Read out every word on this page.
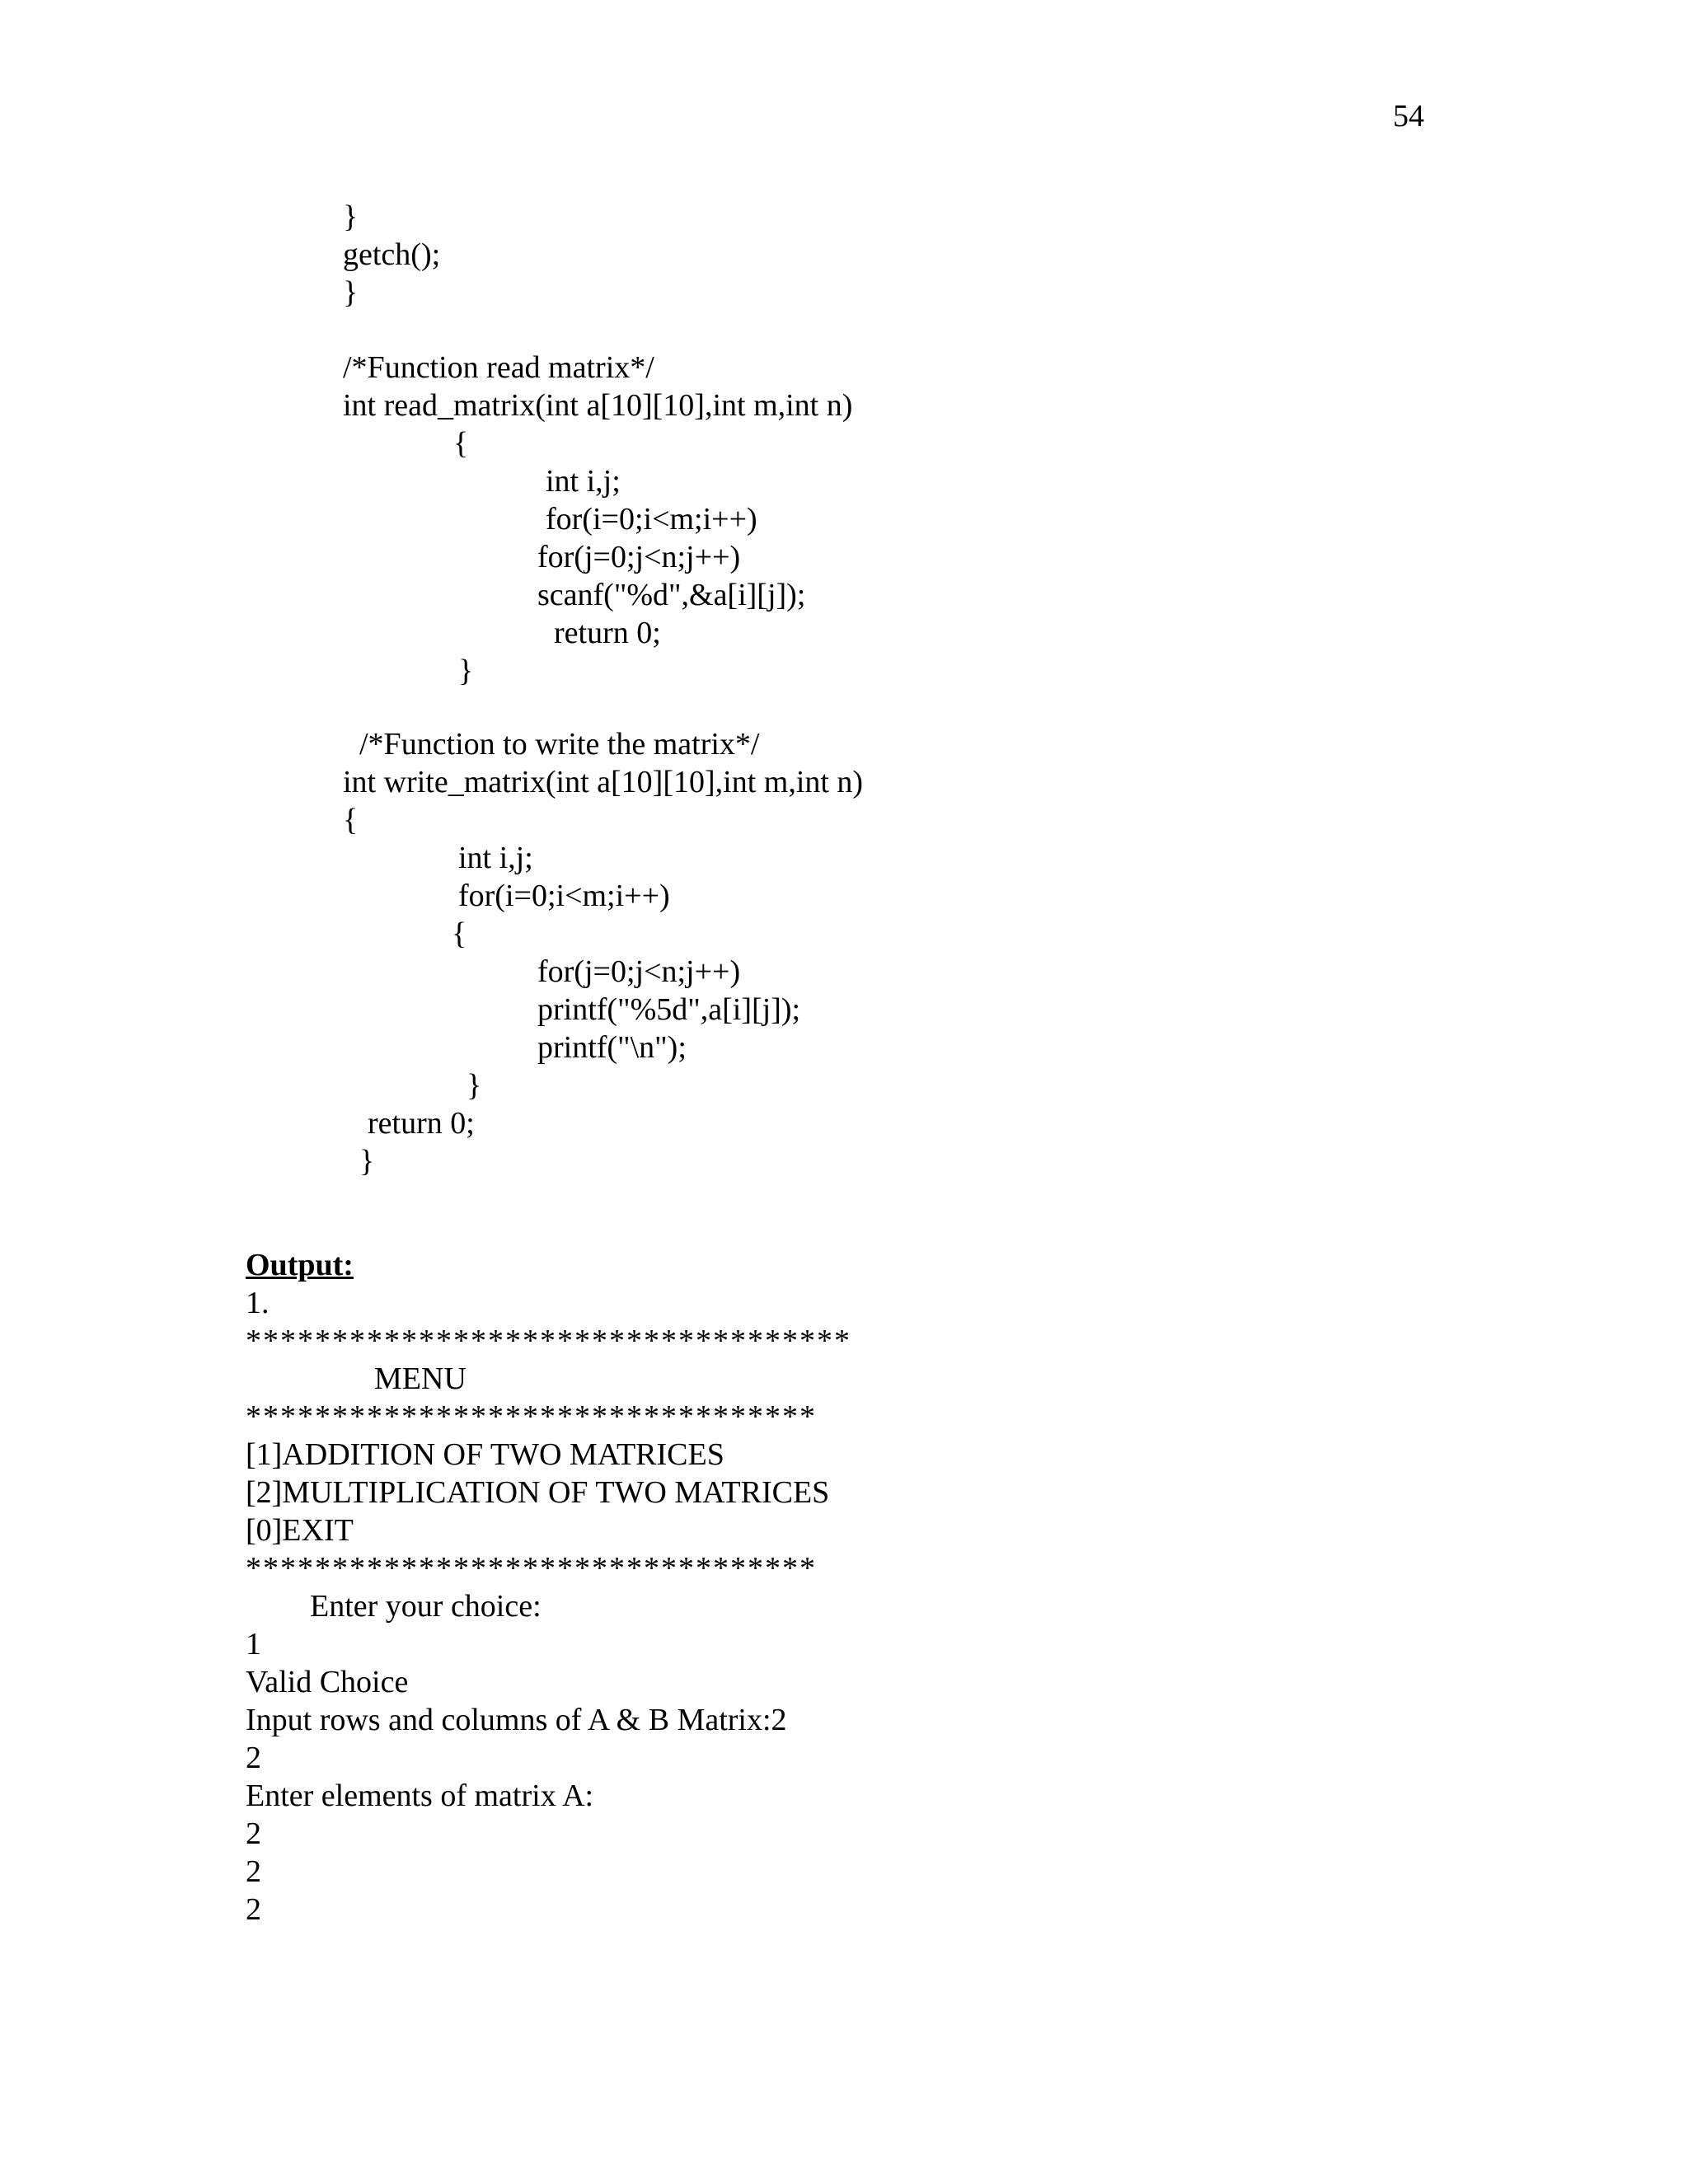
54
}
getch();
}
/*Function read matrix*/
int read_matrix(int a[10][10],int m,int n)
{
int i,j;
for(i=0;i<m;i++)
for(j=0;j<n;j++)
scanf("%d",&a[i][j]);
return 0;
}
/*Function to write the matrix*/
int write_matrix(int a[10][10],int m,int n)
{
int i,j;
for(i=0;i<m;i++)
{
for(j=0;j<n;j++)
printf("%5d",a[i][j]);
printf("\n");
}
return 0;
}
Output:
1.
***********************************
MENU
*********************************
[1]ADDITION OF TWO MATRICES
[2]MULTIPLICATION OF TWO MATRICES
[0]EXIT
*********************************
Enter your choice:
1
Valid Choice
Input rows and columns of A & B Matrix:2
2
Enter elements of matrix A:
2
2
2
